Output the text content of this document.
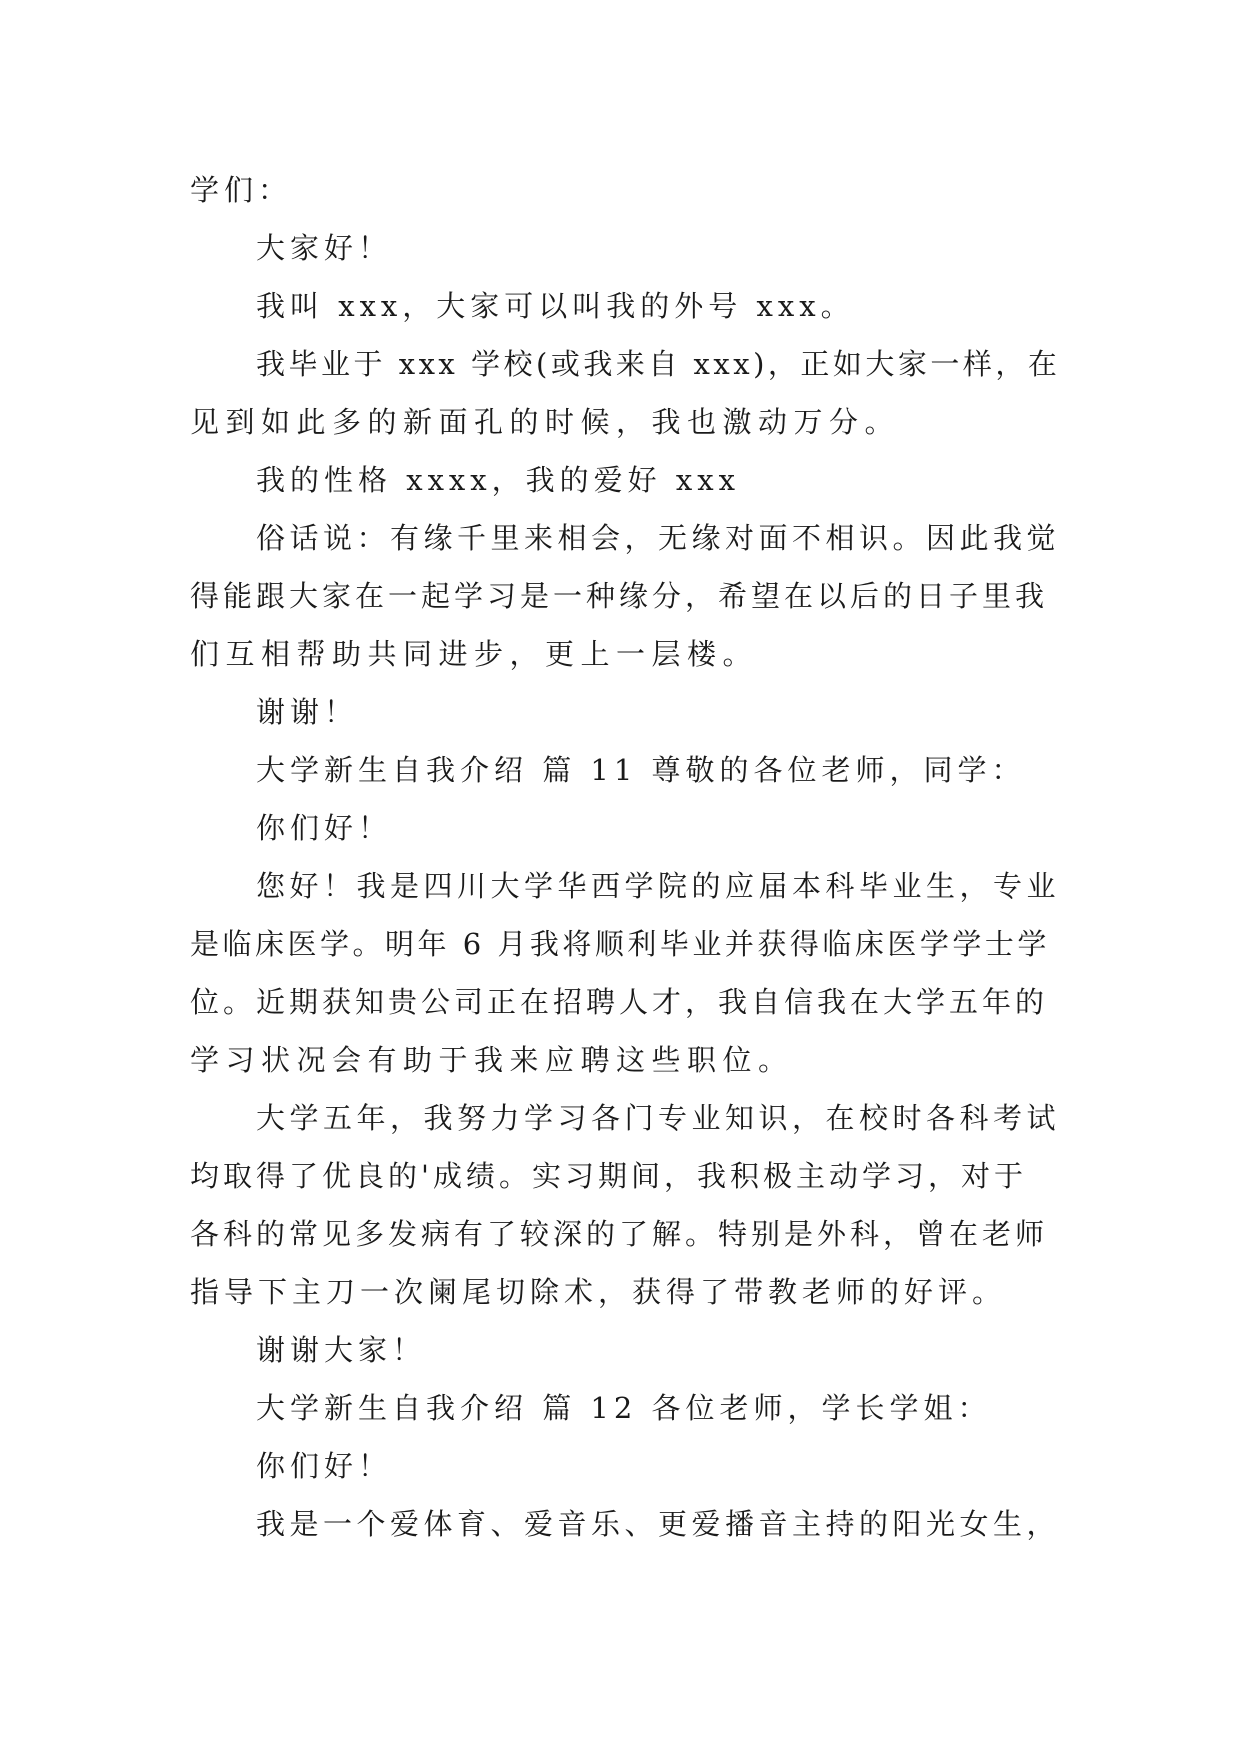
学们：
大家好！
我叫 xxx，大家可以叫我的外号 xxx。
我毕业于 xxx 学校(或我来自 xxx)，正如大家一样，在
见到如此多的新面孔的时候，我也激动万分。
我的性格 xxxx，我的爱好 xxx
俗话说：有缘千里来相会，无缘对面不相识。因此我觉
得能跟大家在一起学习是一种缘分，希望在以后的日子里我
们互相帮助共同进步，更上一层楼。
谢谢！
大学新生自我介绍 篇 11 尊敬的各位老师，同学：
你们好！
您好！我是四川大学华西学院的应届本科毕业生，专业
是临床医学。明年 6 月我将顺利毕业并获得临床医学学士学
位。近期获知贵公司正在招聘人才，我自信我在大学五年的
学习状况会有助于我来应聘这些职位。
大学五年，我努力学习各门专业知识，在校时各科考试
均取得了优良的'成绩。实习期间，我积极主动学习，对于
各科的常见多发病有了较深的了解。特别是外科，曾在老师
指导下主刀一次阑尾切除术，获得了带教老师的好评。
谢谢大家！
大学新生自我介绍 篇 12 各位老师，学长学姐：
你们好！
我是一个爱体育、爱音乐、更爱播音主持的阳光女生，
